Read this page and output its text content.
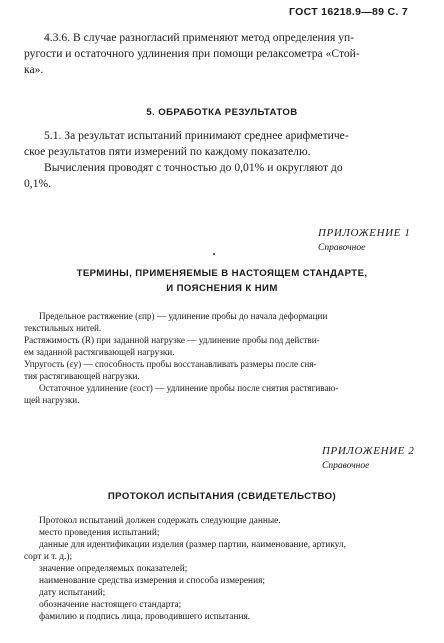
ГОСТ 16218.9—89 С. 7
4.3.6. В случае разногласий применяют метод определения уп-
ругости и остаточного удлинения при помощи релаксометра «Стой-
ка».
5. ОБРАБОТКА РЕЗУЛЬТАТОВ
5.1. За результат испытаний принимают среднее арифметиче-
ское результатов пяти измерений по каждому показателю.
Вычисления проводят с точностью до 0,01% и округляют до
0,1%.
ПРИЛОЖЕНИЕ 1
Справочное
ТЕРМИНЫ, ПРИМЕНЯЕМЫЕ В НАСТОЯЩЕМ СТАНДАРТЕ,
И ПОЯСНЕНИЯ К НИМ
Предельное растяжение (εпр) — удлинение пробы до начала деформации
текстильных нитей.
Растяжимость (R) при заданной нагрузке — удлинение пробы под действи-
ем заданной растягивающей нагрузки.
Упругость (εу) — способность пробы восстанавливать размеры после сня-
тия растягивающей нагрузки.
Остаточное удлинение (εост) — удлинение пробы после снятия растягиваю-
щей нагрузки.
ПРИЛОЖЕНИЕ 2
Справочное
ПРОТОКОЛ ИСПЫТАНИЯ (СВИДЕТЕЛЬСТВО)
Протокол испытаний должен содержать следующие данные.
место проведения испытаний;
данные для идентификации изделия (размер партии, наименование, артикул,
сорт и т. д.);
значение определяемых показателей;
наименование средства измерения и способа измерения;
дату испытаний;
обозначение настоящего стандарта;
фамилию и подпись лица, проводившего испытания.
